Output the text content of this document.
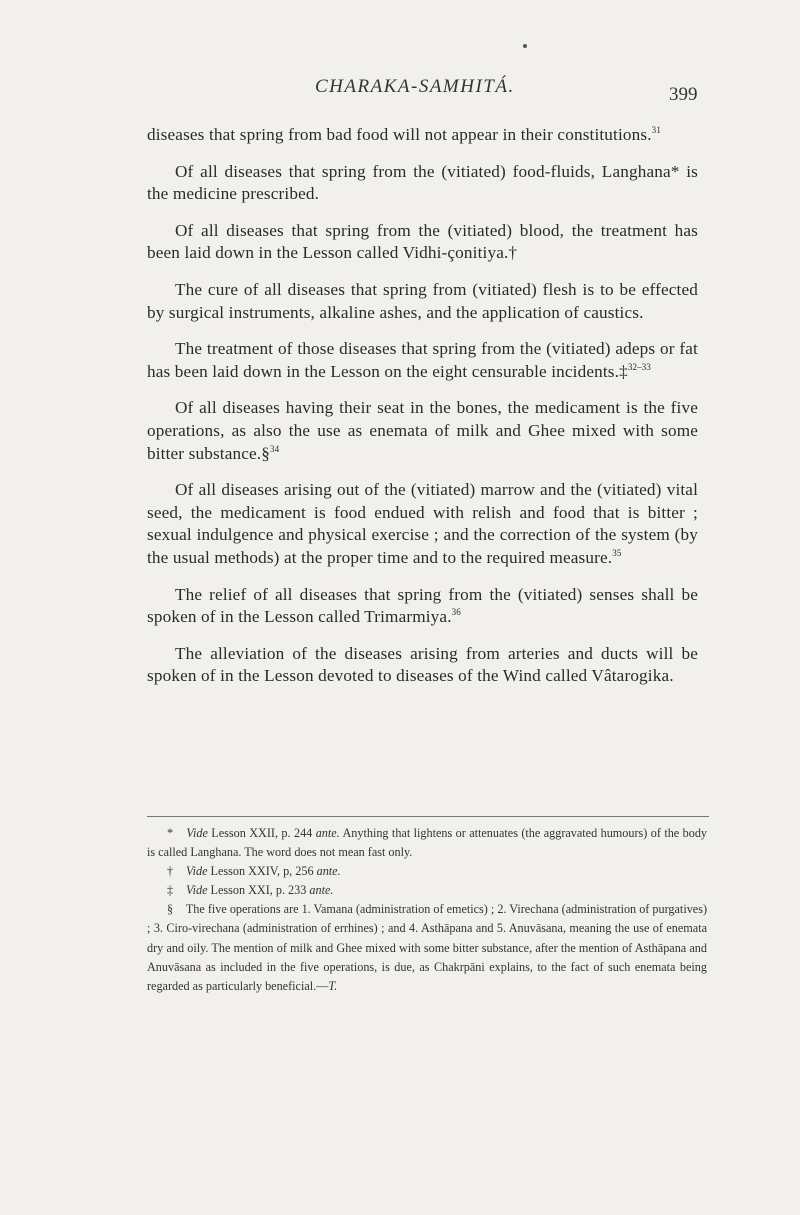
CHARAKA-SAMHITÁ.	399

diseases that spring from bad food will not appear in their constitutions.$^{31}$

Of all diseases that spring from the (vitiated) food-fluids, Langhana* is the medicine prescribed.

Of all diseases that spring from the (vitiated) blood, the treatment has been laid down in the Lesson called Vidhi-çonitiya.†

The cure of all diseases that spring from (vitiated) flesh is to be effected by surgical instruments, alkaline ashes, and the application of caustics.

The treatment of those diseases that spring from the (vitiated) adeps or fat has been laid down in the Lesson on the eight censurable incidents.‡$^{32-33}$

Of all diseases having their seat in the bones, the medicament is the five operations, as also the use as enemata of milk and Ghee mixed with some bitter substance.§$^{34}$

Of all diseases arising out of the (vitiated) marrow and the (vitiated) vital seed, the medicament is food endued with relish and food that is bitter ; sexual indulgence and physical exercise ; and the correction of the system (by the usual methods) at the proper time and to the required measure.$^{35}$

The relief of all diseases that spring from the (vitiated) senses shall be spoken of in the Lesson called Trimarmiya.$^{36}$

The alleviation of the diseases arising from arteries and ducts will be spoken of in the Lesson devoted to diseases of the Wind called Vâtarogika.

* Vide Lesson XXII, p. 244 ante. Anything that lightens or attenuates (the aggravated humours) of the body is called Langhana. The word does not mean fast only.

† Vide Lesson XXIV, p, 256 ante.

‡ Vide Lesson XXI, p. 233 ante.

§ The five operations are 1. Vamana (administration of emetics) ; 2. Virechana (administration of purgatives) ; 3. Ciro-virechana (administration of errhines) ; and 4. Asthāpana and 5. Anuvāsana, meaning the use of enemata dry and oily. The mention of milk and Ghee mixed with some bitter substance, after the mention of Asthāpana and Anuvāsana as included in the five operations, is due, as Chakrpāni explains, to the fact of such enemata being regarded as particularly beneficial.—T.
